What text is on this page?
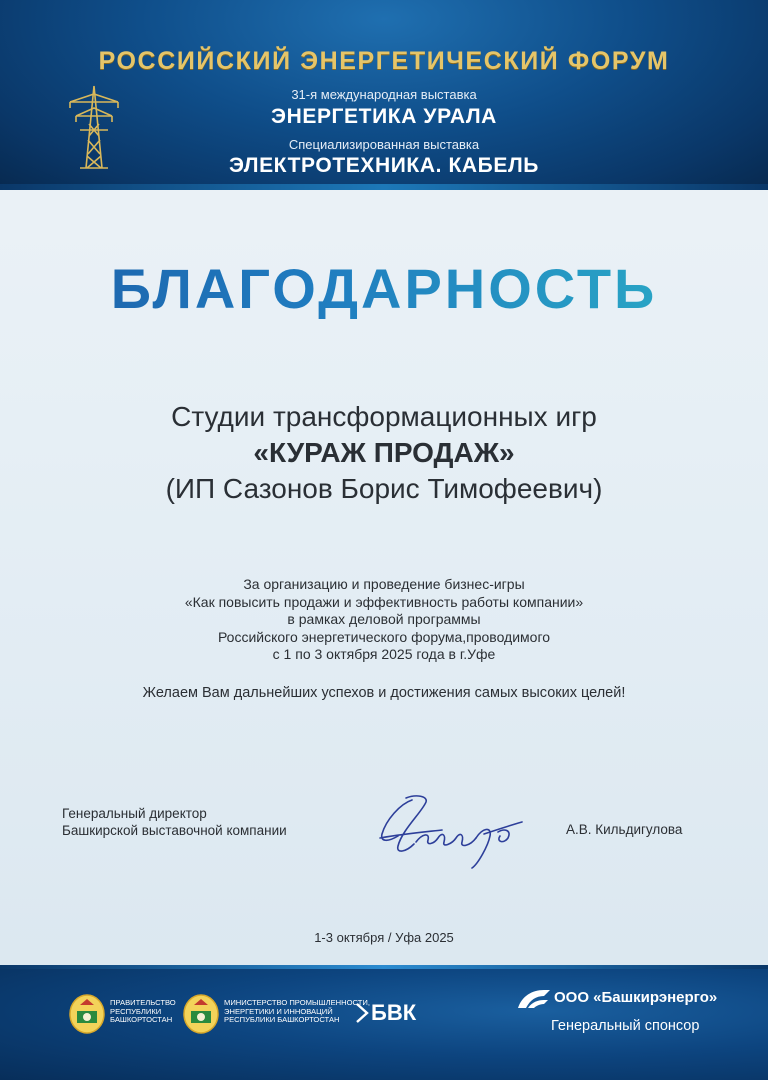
РОССИЙСКИЙ ЭНЕРГЕТИЧЕСКИЙ ФОРУМ
31-я международная выставка
ЭНЕРГЕТИКА УРАЛА
Специализированная выставка
ЭЛЕКТРОТЕХНИКА. КАБЕЛЬ
БЛАГОДАРНОСТЬ
Студии трансформационных игр
«КУРАЖ ПРОДАЖ»
(ИП Сазонов Борис Тимофеевич)
За организацию и проведение бизнес-игры
«Как повысить продажи и эффективность работы компании»
в рамках деловой программы
Российского энергетического форума,проводимого
с 1 по 3 октября 2025 года в г.Уфе
Желаем Вам дальнейших успехов и достижения самых высоких целей!
Генеральный директор
Башкирской выставочной компании	А.В. Кильдигулова
1-3 октября / Уфа 2025
ПРАВИТЕЛЬСТВО
РЕСПУБЛИКИ
БАШКОРТОСТАН
МИНИСТЕРСТВО ПРОМЫШЛЕННОСТИ,
ЭНЕРГЕТИКИ И ИННОВАЦИЙ
РЕСПУБЛИКИ БАШКОРТОСТАН	БВК
ООО «Башкирэнерго»
Генеральный спонсор
